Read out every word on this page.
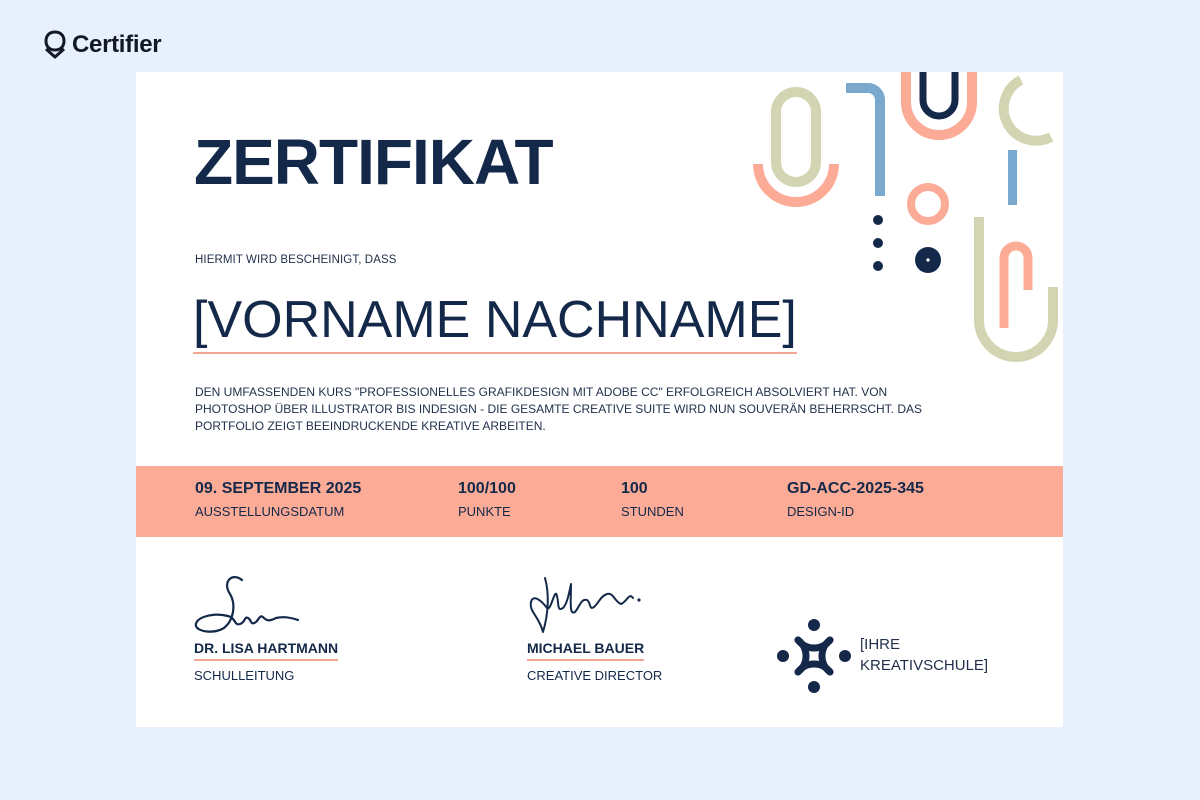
Certifier
ZERTIFIKAT
HIERMIT WIRD BESCHEINIGT, DASS
[VORNAME NACHNAME]

DEN UMFASSENDEN KURS "PROFESSIONELLES GRAFIKDESIGN MIT ADOBE CC" ERFOLGREICH ABSOLVIERT HAT. VON PHOTOSHOP ÜBER ILLUSTRATOR BIS INDESIGN - DIE GESAMTE CREATIVE SUITE WIRD NUN SOUVERÄN BEHERRSCHT. DAS PORTFOLIO ZEIGT BEEINDRUCKENDE KREATIVE ARBEITEN.

09. SEPTEMBER 2025
AUSSTELLUNGSDATUM
100/100
PUNKTE
100
STUNDEN
GD-ACC-2025-345
DESIGN-ID
DR. LISA HARTMANN
SCHULLEITUNG
MICHAEL BAUER
CREATIVE DIRECTOR
[IHRE KREATIVSCHULE]
